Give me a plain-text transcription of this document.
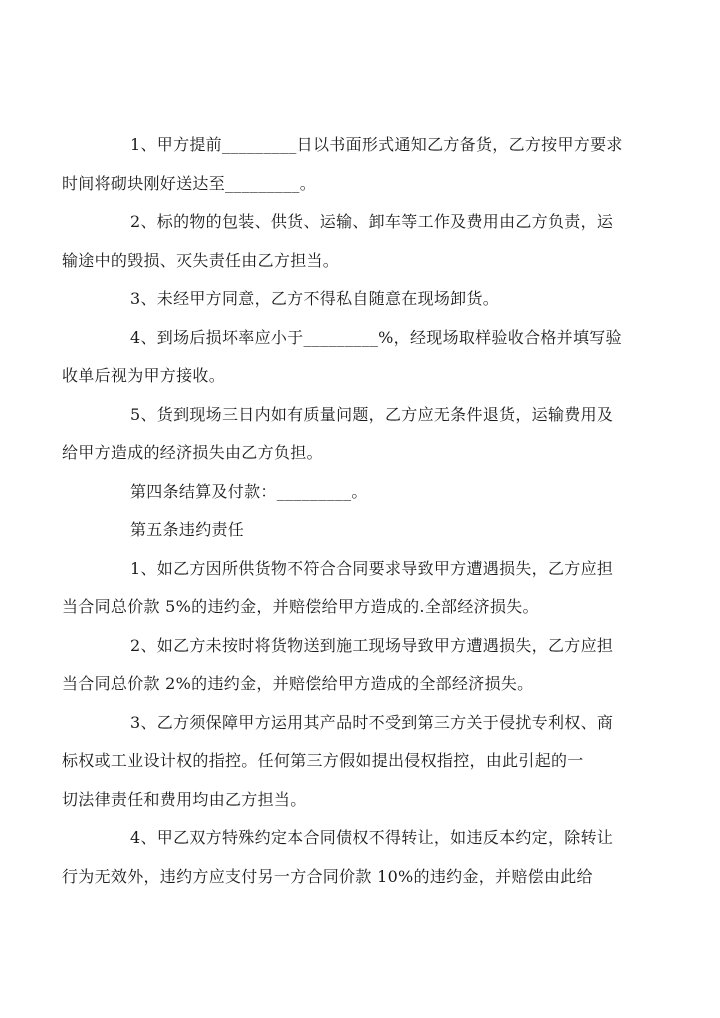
1、甲方提前_________日以书面形式通知乙方备货，乙方按甲方要求
时间将砌块刚好送达至_________。

2、标的物的包装、供货、运输、卸车等工作及费用由乙方负责，运
输途中的毁损、灭失责任由乙方担当。

3、未经甲方同意，乙方不得私自随意在现场卸货。

4、到场后损坏率应小于_________%，经现场取样验收合格并填写验
收单后视为甲方接收。

5、货到现场三日内如有质量问题，乙方应无条件退货，运输费用及
给甲方造成的经济损失由乙方负担。

第四条结算及付款：_________。

第五条违约责任

1、如乙方因所供货物不符合合同要求导致甲方遭遇损失，乙方应担
当合同总价款 5%的违约金，并赔偿给甲方造成的.全部经济损失。

2、如乙方未按时将货物送到施工现场导致甲方遭遇损失，乙方应担
当合同总价款 2%的违约金，并赔偿给甲方造成的全部经济损失。

3、乙方须保障甲方运用其产品时不受到第三方关于侵扰专利权、商
标权或工业设计权的指控。任何第三方假如提出侵权指控，由此引起的一
切法律责任和费用均由乙方担当。

4、甲乙双方特殊约定本合同债权不得转让，如违反本约定，除转让
行为无效外，违约方应支付另一方合同价款 10%的违约金，并赔偿由此给
